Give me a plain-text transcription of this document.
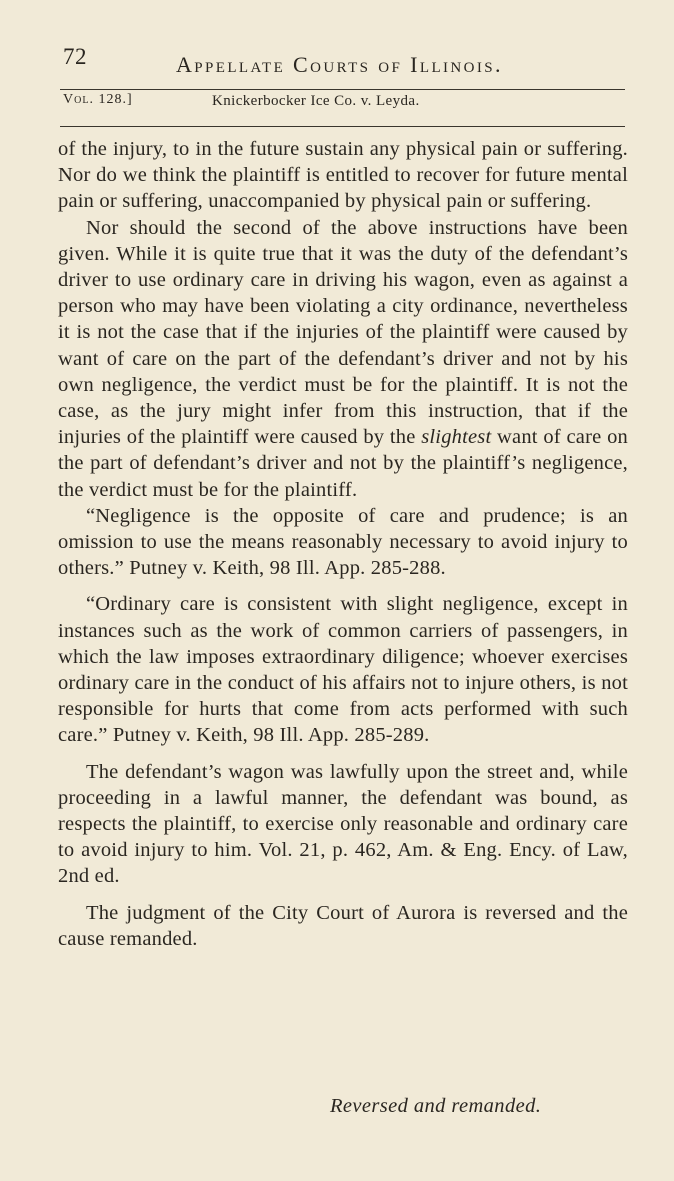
72	Appellate Courts of Illinois.
Vol. 128.]	Knickerbocker Ice Co. v. Leyda.

of the injury, to in the future sustain any physical pain or suffering. Nor do we think the plaintiff is entitled to recover for future mental pain or suffering, unaccompanied by physical pain or suffering.

Nor should the second of the above instructions have been given. While it is quite true that it was the duty of the defendant’s driver to use ordinary care in driving his wagon, even as against a person who may have been violating a city ordinance, nevertheless it is not the case that if the injuries of the plaintiff were caused by want of care on the part of the defendant’s driver and not by his own negligence, the verdict must be for the plaintiff. It is not the case, as the jury might infer from this instruction, that if the injuries of the plaintiff were caused by the slightest want of care on the part of defendant’s driver and not by the plaintiff’s negligence, the verdict must be for the plaintiff.

“Negligence is the opposite of care and prudence; is an omission to use the means reasonably necessary to avoid injury to others.” Putney v. Keith, 98 Ill. App. 285-288.

“Ordinary care is consistent with slight negligence, except in instances such as the work of common carriers of passengers, in which the law imposes extraordinary diligence; whoever exercises ordinary care in the conduct of his affairs not to injure others, is not responsible for hurts that come from acts performed with such care.” Putney v. Keith, 98 Ill. App. 285-289.

The defendant’s wagon was lawfully upon the street and, while proceeding in a lawful manner, the defendant was bound, as respects the plaintiff, to exercise only reasonable and ordinary care to avoid injury to him. Vol. 21, p. 462, Am. & Eng. Ency. of Law, 2nd ed.

The judgment of the City Court of Aurora is reversed and the cause remanded.

Reversed and remanded.
